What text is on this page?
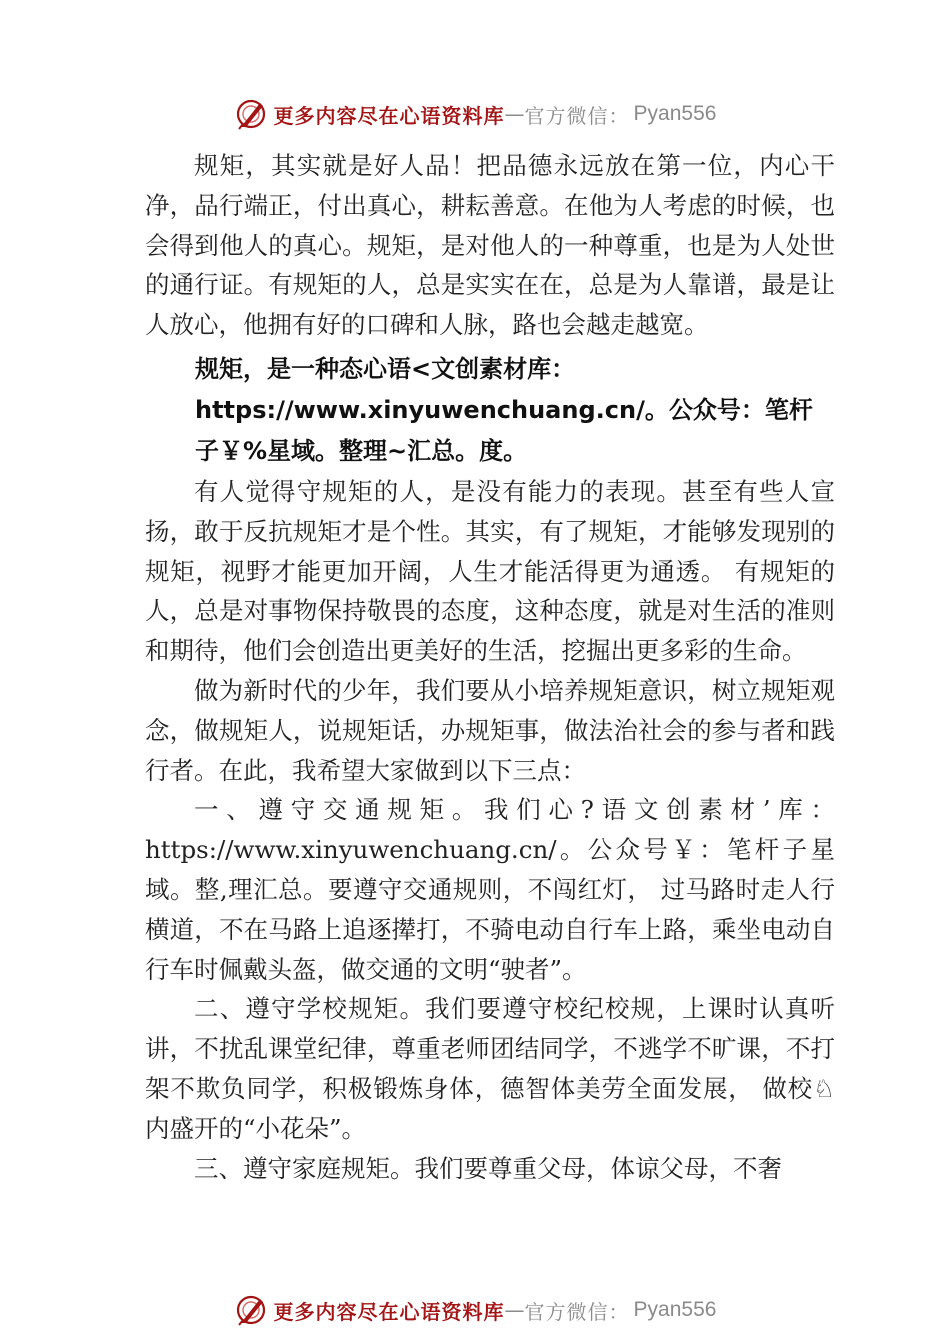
更多内容尽在心语资料库 — 官方微信： Pyan556

规矩，其实就是好人品！把品德永远放在第一位，内心干净，品行端正，付出真心，耕耘善意。在他为人考虑的时候，也会得到他人的真心。规矩，是对他人的一种尊重，也是为人处世的通行证。有规矩的人，总是实实在在，总是为人靠谱，最是让人放心，他拥有好的口碑和人脉，路也会越走越宽。

规矩，是一种态心语<文创素材库：https://www.xinyuwenchuang.cn/。公众号：笔杆子￥%星域。整理~汇总。度。

有人觉得守规矩的人，是没有能力的表现。甚至有些人宣扬，敢于反抗规矩才是个性。其实，有了规矩，才能够发现别的规矩，视野才能更加开阔，人生才能活得更为通透。 有规矩的人，总是对事物保持敬畏的态度，这种态度，就是对生活的准则和期待，他们会创造出更美好的生活，挖掘出更多彩的生命。

做为新时代的少年，我们要从小培养规矩意识，树立规矩观念，做规矩人，说规矩话，办规矩事，做法治社会的参与者和践行者。在此，我希望大家做到以下三点：

一、遵守交通规矩。我们心?语文创素材’库：https://www.xinyuwenchuang.cn/。公众号￥：笔杆子星域。整,理汇总。要遵守交通规则，不闯红灯， 过马路时走人行横道，不在马路上追逐撵打，不骑电动自行车上路，乘坐电动自行车时佩戴头盔，做交通的文明“驶者”。

二、遵守学校规矩。我们要遵守校纪校规，上课时认真听讲，不扰乱课堂纪律，尊重老师团结同学，不逃学不旷课，不打架不欺负同学，积极锻炼身体，德智体美劳全面发展， 做校♘内盛开的“小花朵”。

三、遵守家庭规矩。我们要尊重父母，体谅父母，不奢

更多内容尽在心语资料库 — 官方微信： Pyan556
